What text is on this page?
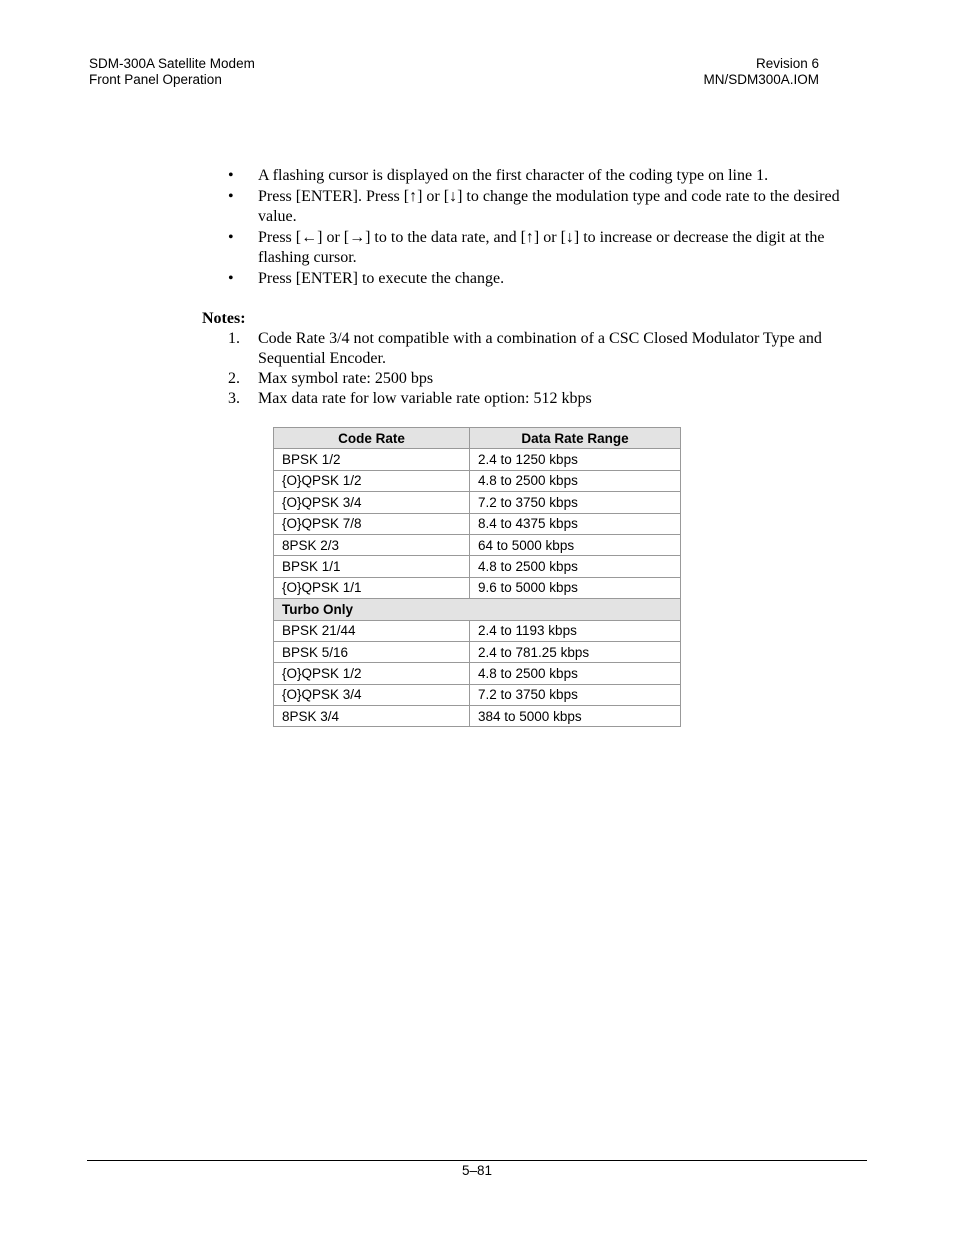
SDM-300A Satellite Modem
Front Panel Operation
Revision 6
MN/SDM300A.IOM
• A flashing cursor is displayed on the first character of the coding type on line 1.
• Press [ENTER]. Press [↑] or [↓] to change the modulation type and code rate to the desired value.
• Press [←] or [→] to to the data rate, and [↑] or [↓] to increase or decrease the digit at the flashing cursor.
• Press [ENTER] to execute the change.
Notes:
1. Code Rate 3/4 not compatible with a combination of a CSC Closed Modulator Type and Sequential Encoder.
2. Max symbol rate: 2500 bps
3. Max data rate for low variable rate option: 512 kbps
Code Rate	Data Rate Range
BPSK 1/2	2.4 to 1250 kbps
{O}QPSK 1/2	4.8 to 2500 kbps
{O}QPSK 3/4	7.2 to 3750 kbps
{O}QPSK 7/8	8.4 to 4375 kbps
8PSK 2/3	64 to 5000 kbps
BPSK 1/1	4.8 to 2500 kbps
{O}QPSK 1/1	9.6 to 5000 kbps
Turbo Only	
BPSK 21/44	2.4 to 1193 kbps
BPSK 5/16	2.4 to 781.25 kbps
{O}QPSK 1/2	4.8 to 2500 kbps
{O}QPSK 3/4	7.2 to 3750 kbps
8PSK 3/4	384 to 5000 kbps
5–81
